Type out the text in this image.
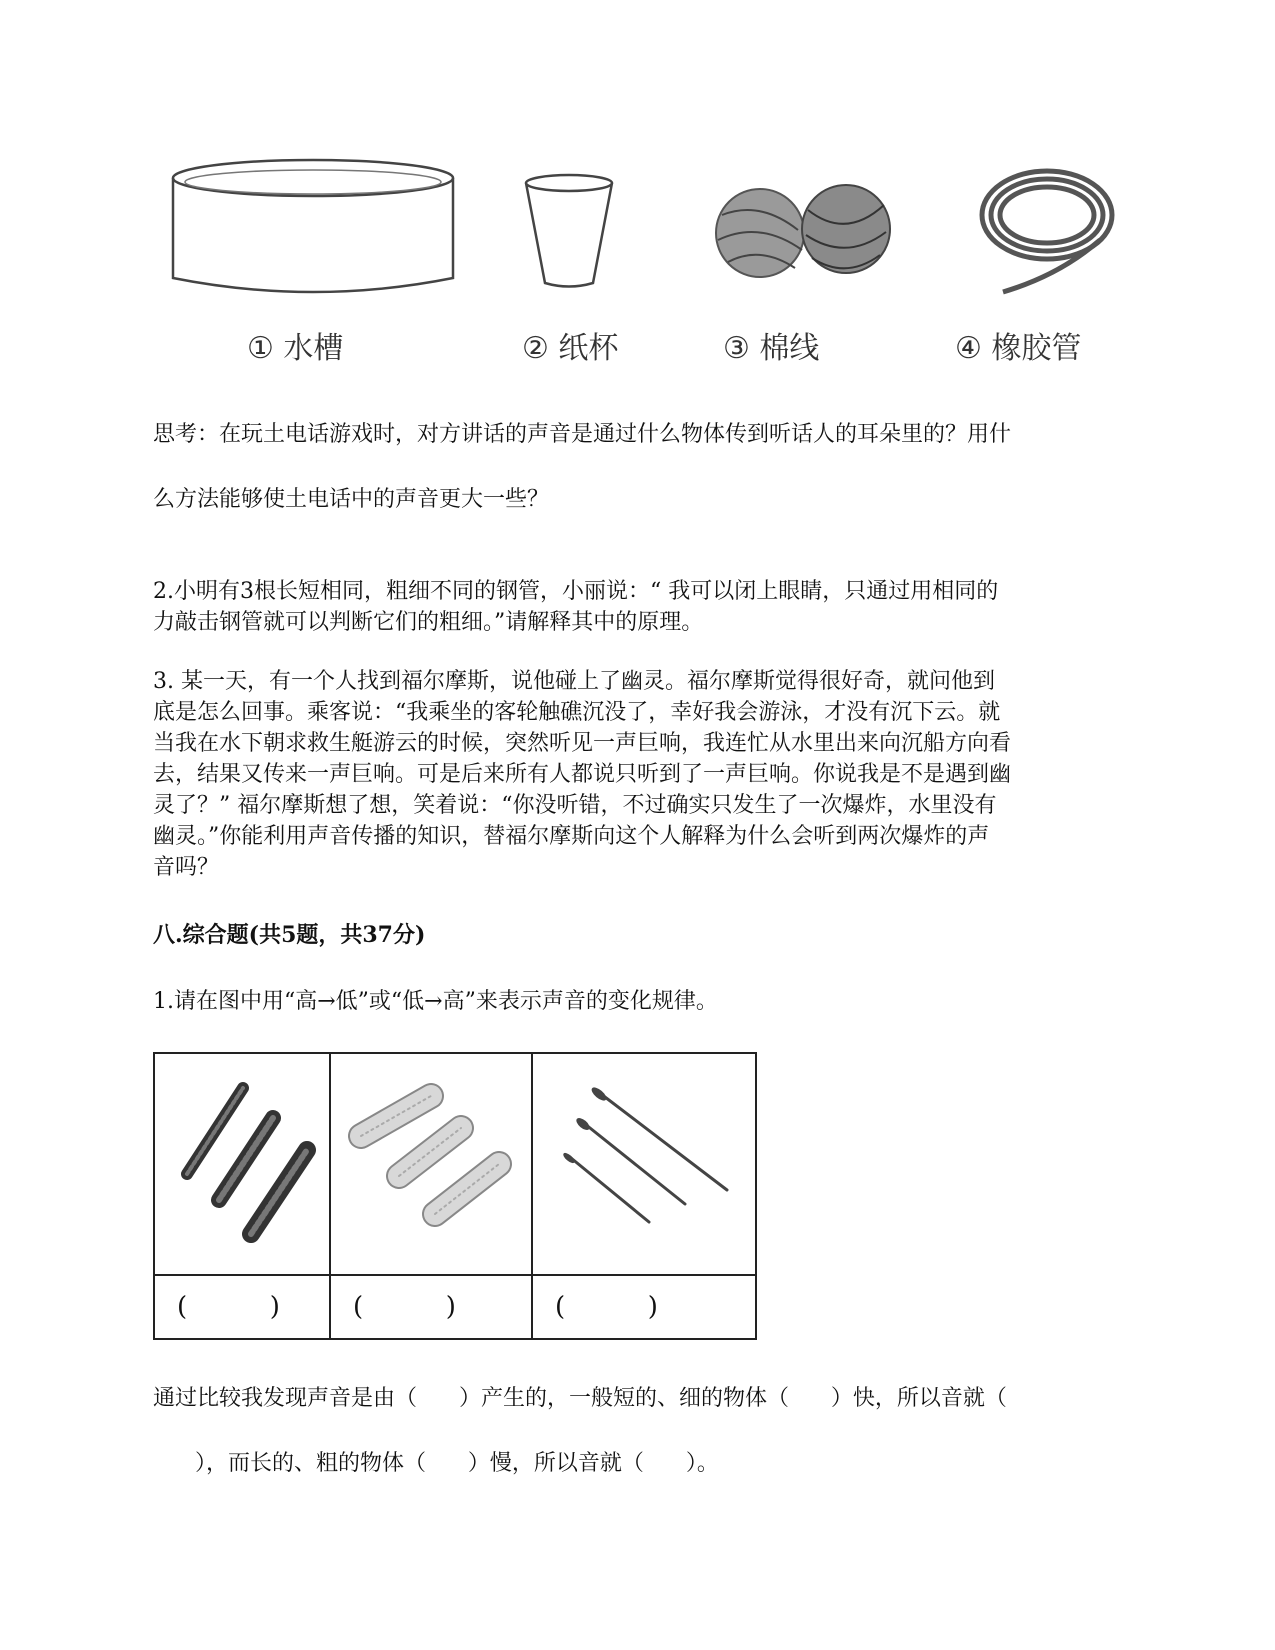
① 水槽	② 纸杯	③ 棉线	④ 橡胶管
思考：在玩土电话游戏时，对方讲话的声音是通过什么物体传到听话人的耳朵里的？用什
么方法能够使土电话中的声音更大一些？
2.小明有3根长短相同，粗细不同的钢管，小丽说：“ 我可以闭上眼睛，只通过用相同的
力敲击钢管就可以判断它们的粗细。”请解释其中的原理。
3. 某一天，有一个人找到福尔摩斯，说他碰上了幽灵。福尔摩斯觉得很好奇，就问他到
底是怎么回事。乘客说：“我乘坐的客轮触礁沉没了，幸好我会游泳，才没有沉下云。就
当我在水下朝求救生艇游云的时候，突然听见一声巨响，我连忙从水里出来向沉船方向看
去，结果又传来一声巨响。可是后来所有人都说只听到了一声巨响。你说我是不是遇到幽
灵了？” 福尔摩斯想了想，笑着说：“你没听错，不过确实只发生了一次爆炸，水里没有
幽灵。”你能利用声音传播的知识，替福尔摩斯向这个人解释为什么会听到两次爆炸的声
音吗？
八.综合题(共5题，共37分)
1.请在图中用“高→低”或“低→高”来表示声音的变化规律。

(          )	(          )	(          )
通过比较我发现声音是由（      ）产生的，一般短的、细的物体（      ）快，所以音就（
），而长的、粗的物体（      ）慢，所以音就（      ）。
